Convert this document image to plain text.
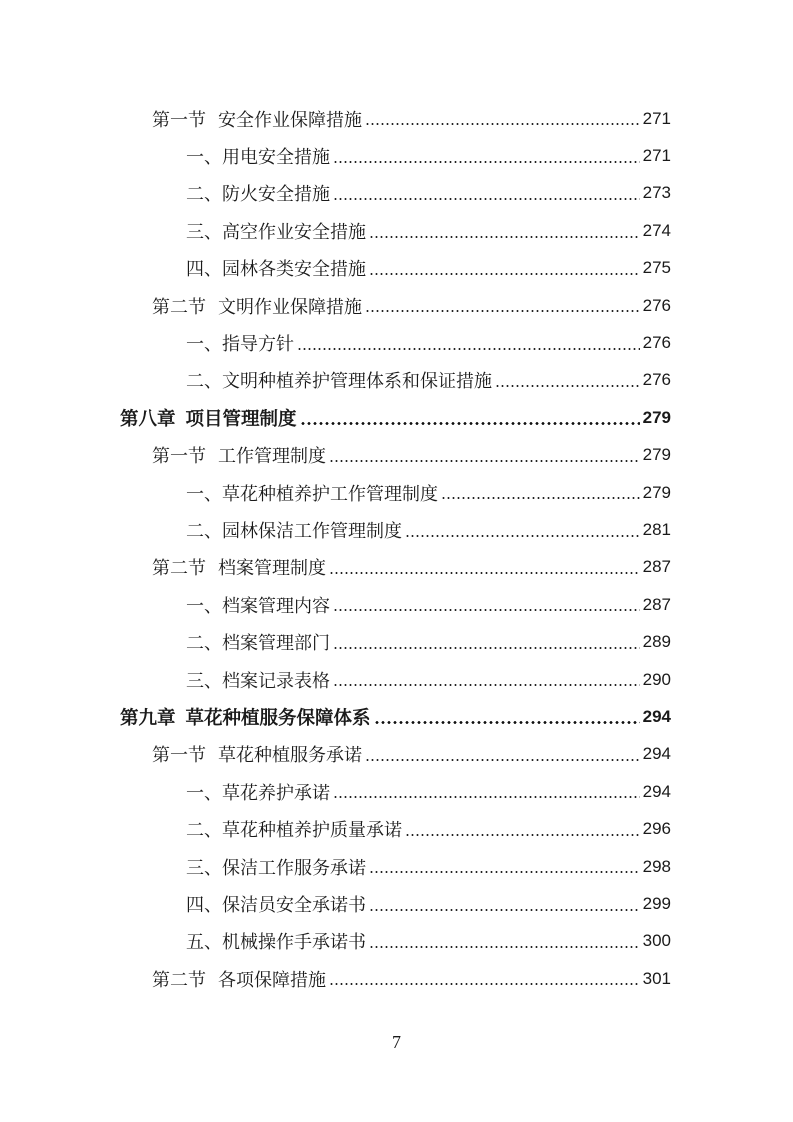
第一节 安全作业保障措施	271
一、用电安全措施	271
二、防火安全措施	273
三、高空作业安全措施	274
四、园林各类安全措施	275
第二节 文明作业保障措施	276
一、指导方针	276
二、文明种植养护管理体系和保证措施	276
第八章 项目管理制度	279
第一节 工作管理制度	279
一、草花种植养护工作管理制度	279
二、园林保洁工作管理制度	281
第二节 档案管理制度	287
一、档案管理内容	287
二、档案管理部门	289
三、档案记录表格	290
第九章 草花种植服务保障体系	294
第一节 草花种植服务承诺	294
一、草花养护承诺	294
二、草花种植养护质量承诺	296
三、保洁工作服务承诺	298
四、保洁员安全承诺书	299
五、机械操作手承诺书	300
第二节 各项保障措施	301
7
